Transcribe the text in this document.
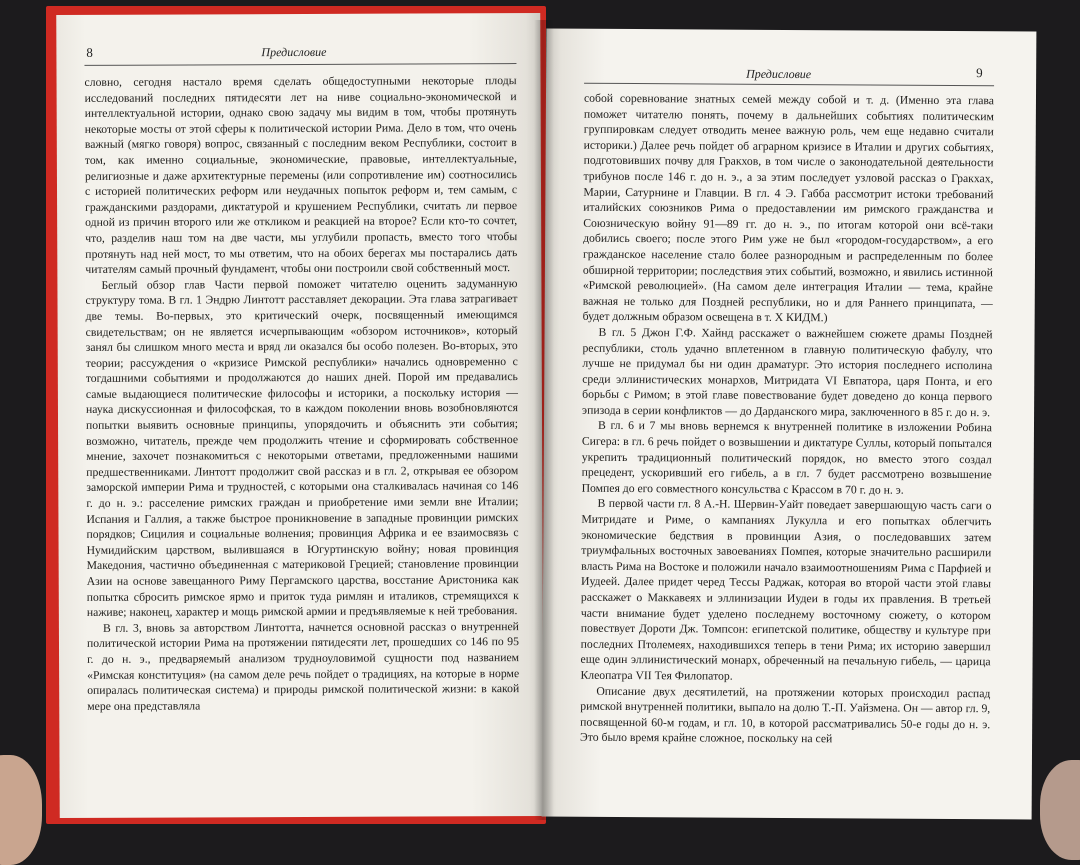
8	Предисловие

словно, сегодня настало время сделать общедоступными некоторые плоды исследований последних пятидесяти лет на ниве социально-экономической и интеллектуальной истории, однако свою задачу мы видим в том, чтобы протянуть некоторые мосты от этой сферы к политической истории Рима. Дело в том, что очень важный (мягко говоря) вопрос, связанный с последним веком Республики, состоит в том, как именно социальные, экономические, правовые, интеллектуальные, религиозные и даже архитектурные перемены (или сопротивление им) соотносились с историей политических реформ или неудачных попыток реформ и, тем самым, с гражданскими раздорами, диктатурой и крушением Республики, считать ли первое одной из причин второго или же откликом и реакцией на второе? Если кто-то сочтет, что, разделив наш том на две части, мы углубили пропасть, вместо того чтобы протянуть над ней мост, то мы ответим, что на обоих берегах мы постарались дать читателям самый прочный фундамент, чтобы они построили свой собственный мост.

Беглый обзор глав Части первой поможет читателю оценить задуманную структуру тома. В гл. 1 Эндрю Линтотт расставляет декорации. Эта глава затрагивает две темы. Во-первых, это критический очерк, посвященный имеющимся свидетельствам; он не является исчерпывающим «обзором источников», который занял бы слишком много места и вряд ли оказался бы особо полезен. Во-вторых, это теории; рассуждения о «кризисе Римской республики» начались одновременно с тогдашними событиями и продолжаются до наших дней. Порой им предавались самые выдающиеся политические философы и историки, а поскольку история — наука дискуссионная и философская, то в каждом поколении вновь возобновляются попытки выявить основные принципы, упорядочить и объяснить эти события; возможно, читатель, прежде чем продолжить чтение и сформировать собственное мнение, захочет познакомиться с некоторыми ответами, предложенными нашими предшественниками. Линтотт продолжит свой рассказ и в гл. 2, открывая ее обзором заморской империи Рима и трудностей, с которыми она сталкивалась начиная со 146 г. до н. э.: расселение римских граждан и приобретение ими земли вне Италии; Испания и Галлия, а также быстрое проникновение в западные провинции римских порядков; Сицилия и социальные волнения; провинция Африка и ее взаимосвязь с Нумидийским царством, вылившаяся в Югуртинскую войну; новая провинция Македония, частично объединенная с материковой Грецией; становление провинции Азии на основе завещанного Риму Пергамского царства, восстание Аристоника как попытка сбросить римское ярмо и приток туда римлян и италиков, стремящихся к наживе; наконец, характер и мощь римской армии и предъявляемые к ней требования.

В гл. 3, вновь за авторством Линтотта, начнется основной рассказ о внутренней политической истории Рима на протяжении пятидесяти лет, прошедших со 146 по 95 г. до н. э., предваряемый анализом трудноуловимой сущности под названием «Римская конституция» (на самом деле речь пойдет о традициях, на которые в норме опиралась политическая система) и природы римской политической жизни: в какой мере она представляла

Предисловие	9

собой соревнование знатных семей между собой и т. д. (Именно эта глава поможет читателю понять, почему в дальнейших событиях политическим группировкам следует отводить менее важную роль, чем еще недавно считали историки.) Далее речь пойдет об аграрном кризисе в Италии и других событиях, подготовивших почву для Гракхов, в том числе о законодательной деятельности трибунов после 146 г. до н. э., а за этим последует узловой рассказ о Гракхах, Марии, Сатурнине и Главции. В гл. 4 Э. Габба рассмотрит истоки требований италийских союзников Рима о предоставлении им римского гражданства и Союзническую войну 91—89 гг. до н. э., по итогам которой они всё-таки добились своего; после этого Рим уже не был «городом-государством», а его гражданское население стало более разнородным и распределенным по более обширной территории; последствия этих событий, возможно, и явились истинной «Римской революцией». (На самом деле интеграция Италии — тема, крайне важная не только для Поздней республики, но и для Раннего принципата, — будет должным образом освещена в т. X КИДМ.)

В гл. 5 Джон Г.Ф. Хайнд расскажет о важнейшем сюжете драмы Поздней республики, столь удачно вплетенном в главную политическую фабулу, что лучше не придумал бы ни один драматург. Это история последнего исполина среди эллинистических монархов, Митридата VI Евпатора, царя Понта, и его борьбы с Римом; в этой главе повествование будет доведено до конца первого эпизода в серии конфликтов — до Дарданского мира, заключенного в 85 г. до н. э.

В гл. 6 и 7 мы вновь вернемся к внутренней политике в изложении Робина Сигера: в гл. 6 речь пойдет о возвышении и диктатуре Суллы, который попытался укрепить традиционный политический порядок, но вместо этого создал прецедент, ускоривший его гибель, а в гл. 7 будет рассмотрено возвышение Помпея до его совместного консульства с Крассом в 70 г. до н. э.

В первой части гл. 8 А.-Н. Шервин-Уайт поведает завершающую часть саги о Митридате и Риме, о кампаниях Лукулла и его попытках облегчить экономические бедствия в провинции Азия, о последовавших затем триумфальных восточных завоеваниях Помпея, которые значительно расширили власть Рима на Востоке и положили начало взаимоотношениям Рима с Парфией и Иудеей. Далее придет черед Тессы Раджак, которая во второй части этой главы расскажет о Маккавеях и эллинизации Иудеи в годы их правления. В третьей части внимание будет уделено последнему восточному сюжету, о котором повествует Дороти Дж. Томпсон: египетской политике, обществу и культуре при последних Птолемеях, находившихся теперь в тени Рима; их историю завершил еще один эллинистический монарх, обреченный на печальную гибель, — царица Клеопатра VII Тея Филопатор.

Описание двух десятилетий, на протяжении которых происходил распад римской внутренней политики, выпало на долю Т.-П. Уайзмена. Он — автор гл. 9, посвященной 60-м годам, и гл. 10, в которой рассматривались 50-е годы до н. э. Это было время крайне сложное, поскольку на сей
